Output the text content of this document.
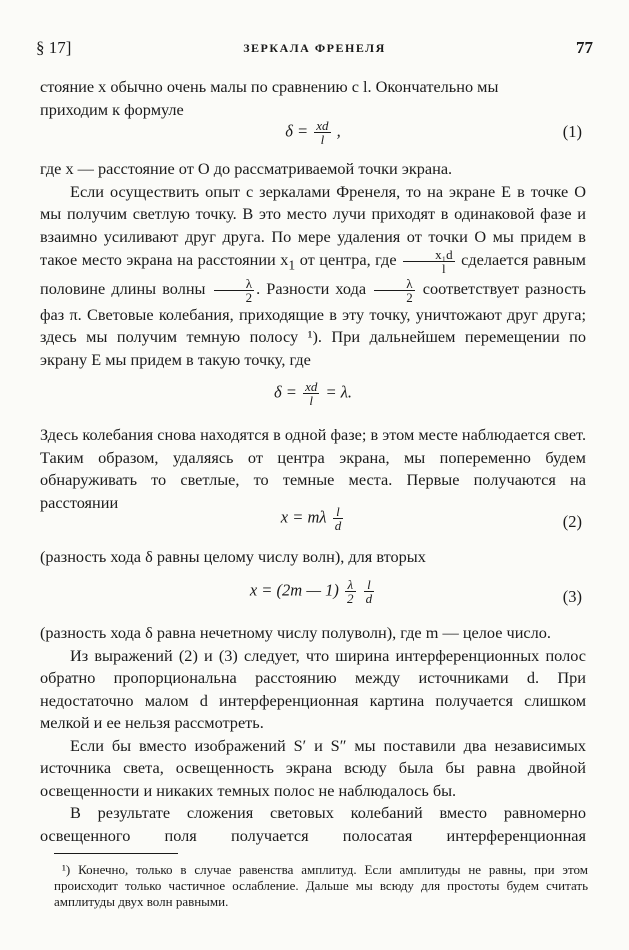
§ 17]	ЗЕРКАЛА ФРЕНЕЛЯ	77

стояние x обычно очень малы по сравнению с l. Окончательно мы

приходим к формуле

$\delta = \frac{xd}{l}$ ,	(1)

где x — расстояние от O до рассматриваемой точки экрана.

Если осуществить опыт с зеркалами Френеля, то на экране E в точке O мы получим светлую точку. В это место лучи приходят в одинаковой фазе и взаимно усиливают друг друга. По мере удаления от точки O мы придем в такое место экрана на расстоянии $x_1$ от центра, где $\frac{\text{x₁d}}{l}$ сделается равным половине длины волны $\frac{\lambda}{2}$ . Разности хода $\frac{\lambda}{2}$ соответствует разность фаз π. Световые колебания, приходящие в эту точку, уничтожают друг друга; здесь мы получим темную полосу ¹). При дальнейшем перемещении по экрану E мы придем в такую точку, где

$\delta = \frac{xd}{l} = \lambda$.

Здесь колебания снова находятся в одной фазе; в этом месте наблюдается свет. Таким образом, удаляясь от центра экрана, мы попеременно будем обнаруживать то светлые, то темные места. Первые получаются на расстоянии

x = mλ $\frac{l}{d}$	(2)

(разность хода δ равны целому числу волн), для вторых

x = (2m — $1) \frac{\lambda}{2}$
$\frac{l}{d}$	(3)

(разность хода δ равна нечетному числу полуволн), где m — целое число.

Из выражений (2) и (3) следует, что ширина интерференционных полос обратно пропорциональна расстоянию между источниками d. При недостаточно малом d интерференционная картина получается слишком мелкой и ее нельзя рассмотреть.

Если бы вместо изображений S′ и S″ мы поставили два независимых источника света, освещенность экрана всюду была бы равна двойной освещенности и никаких темных полос не наблюдалось бы.

В результате сложения световых колебаний вместо равномерно освещенного поля получается полосатая интерференционная

¹) Конечно, только в случае равенства амплитуд. Если амплитуды не равны, при этом происходит только частичное ослабление. Дальше мы всюду для простоты будем считать амплитуды двух волн равными.
